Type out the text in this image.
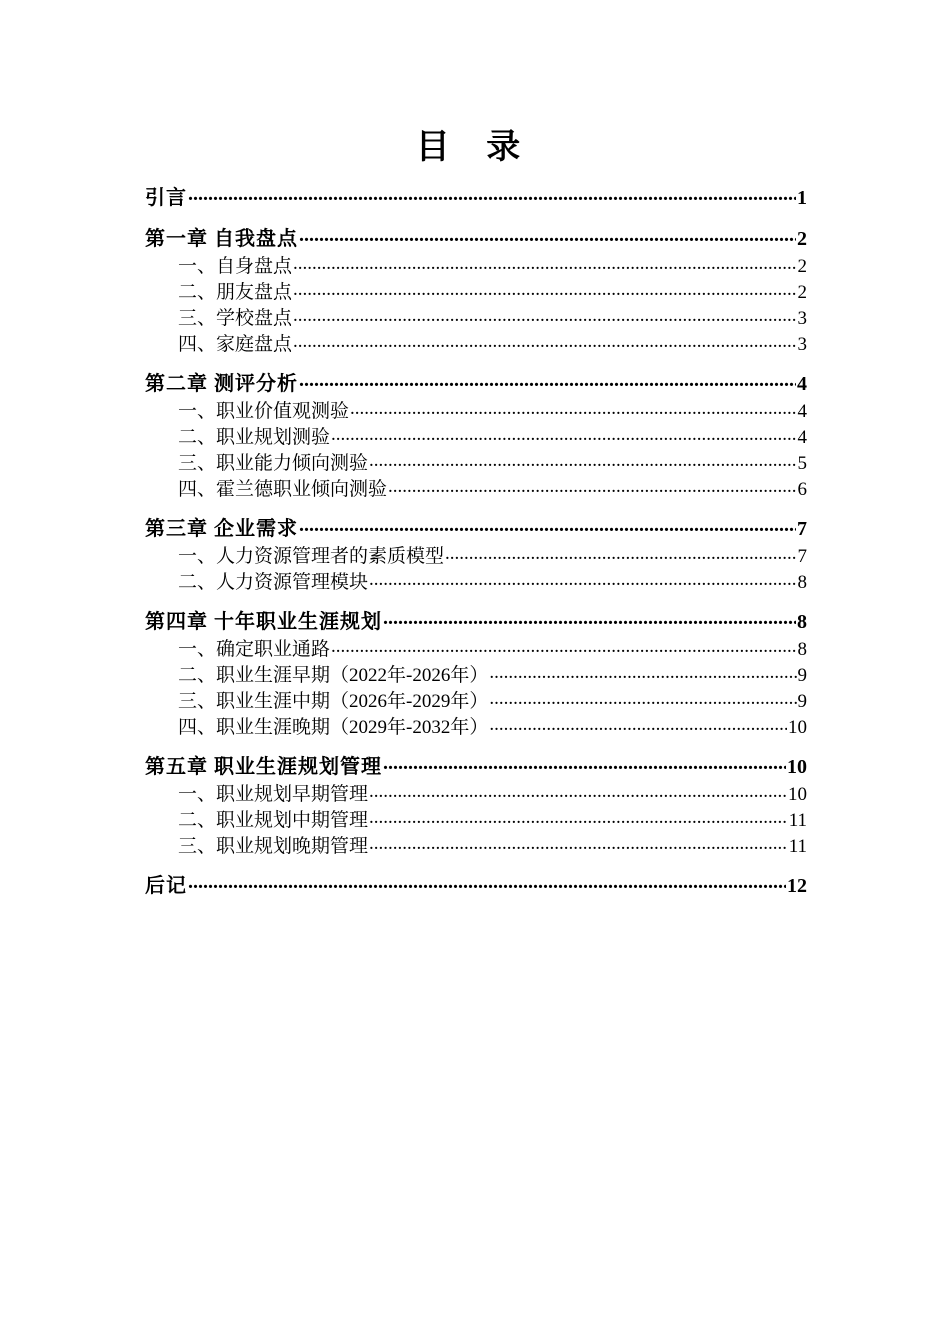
目 录
引言 .....	1
第一章 自我盘点 .....	2
一、自身盘点 .....	2
二、朋友盘点 .....	2
三、学校盘点 .....	3
四、家庭盘点 .....	3
第二章 测评分析 .....	4
一、职业价值观测验 .....	4
二、职业规划测验 .....	4
三、职业能力倾向测验 .....	5
四、霍兰德职业倾向测验 .....	6
第三章 企业需求 .....	7
一、人力资源管理者的素质模型 .....	7
二、人力资源管理模块 .....	8
第四章 十年职业生涯规划 .....	8
一、确定职业通路 .....	8
二、职业生涯早期（2022年-2026年） .....	9
三、职业生涯中期（2026年-2029年） .....	9
四、职业生涯晚期（2029年-2032年） .....	10
第五章 职业生涯规划管理 .....	10
一、职业规划早期管理 .....	10
二、职业规划中期管理 .....	11
三、职业规划晚期管理 .....	11
后记 .....	12
